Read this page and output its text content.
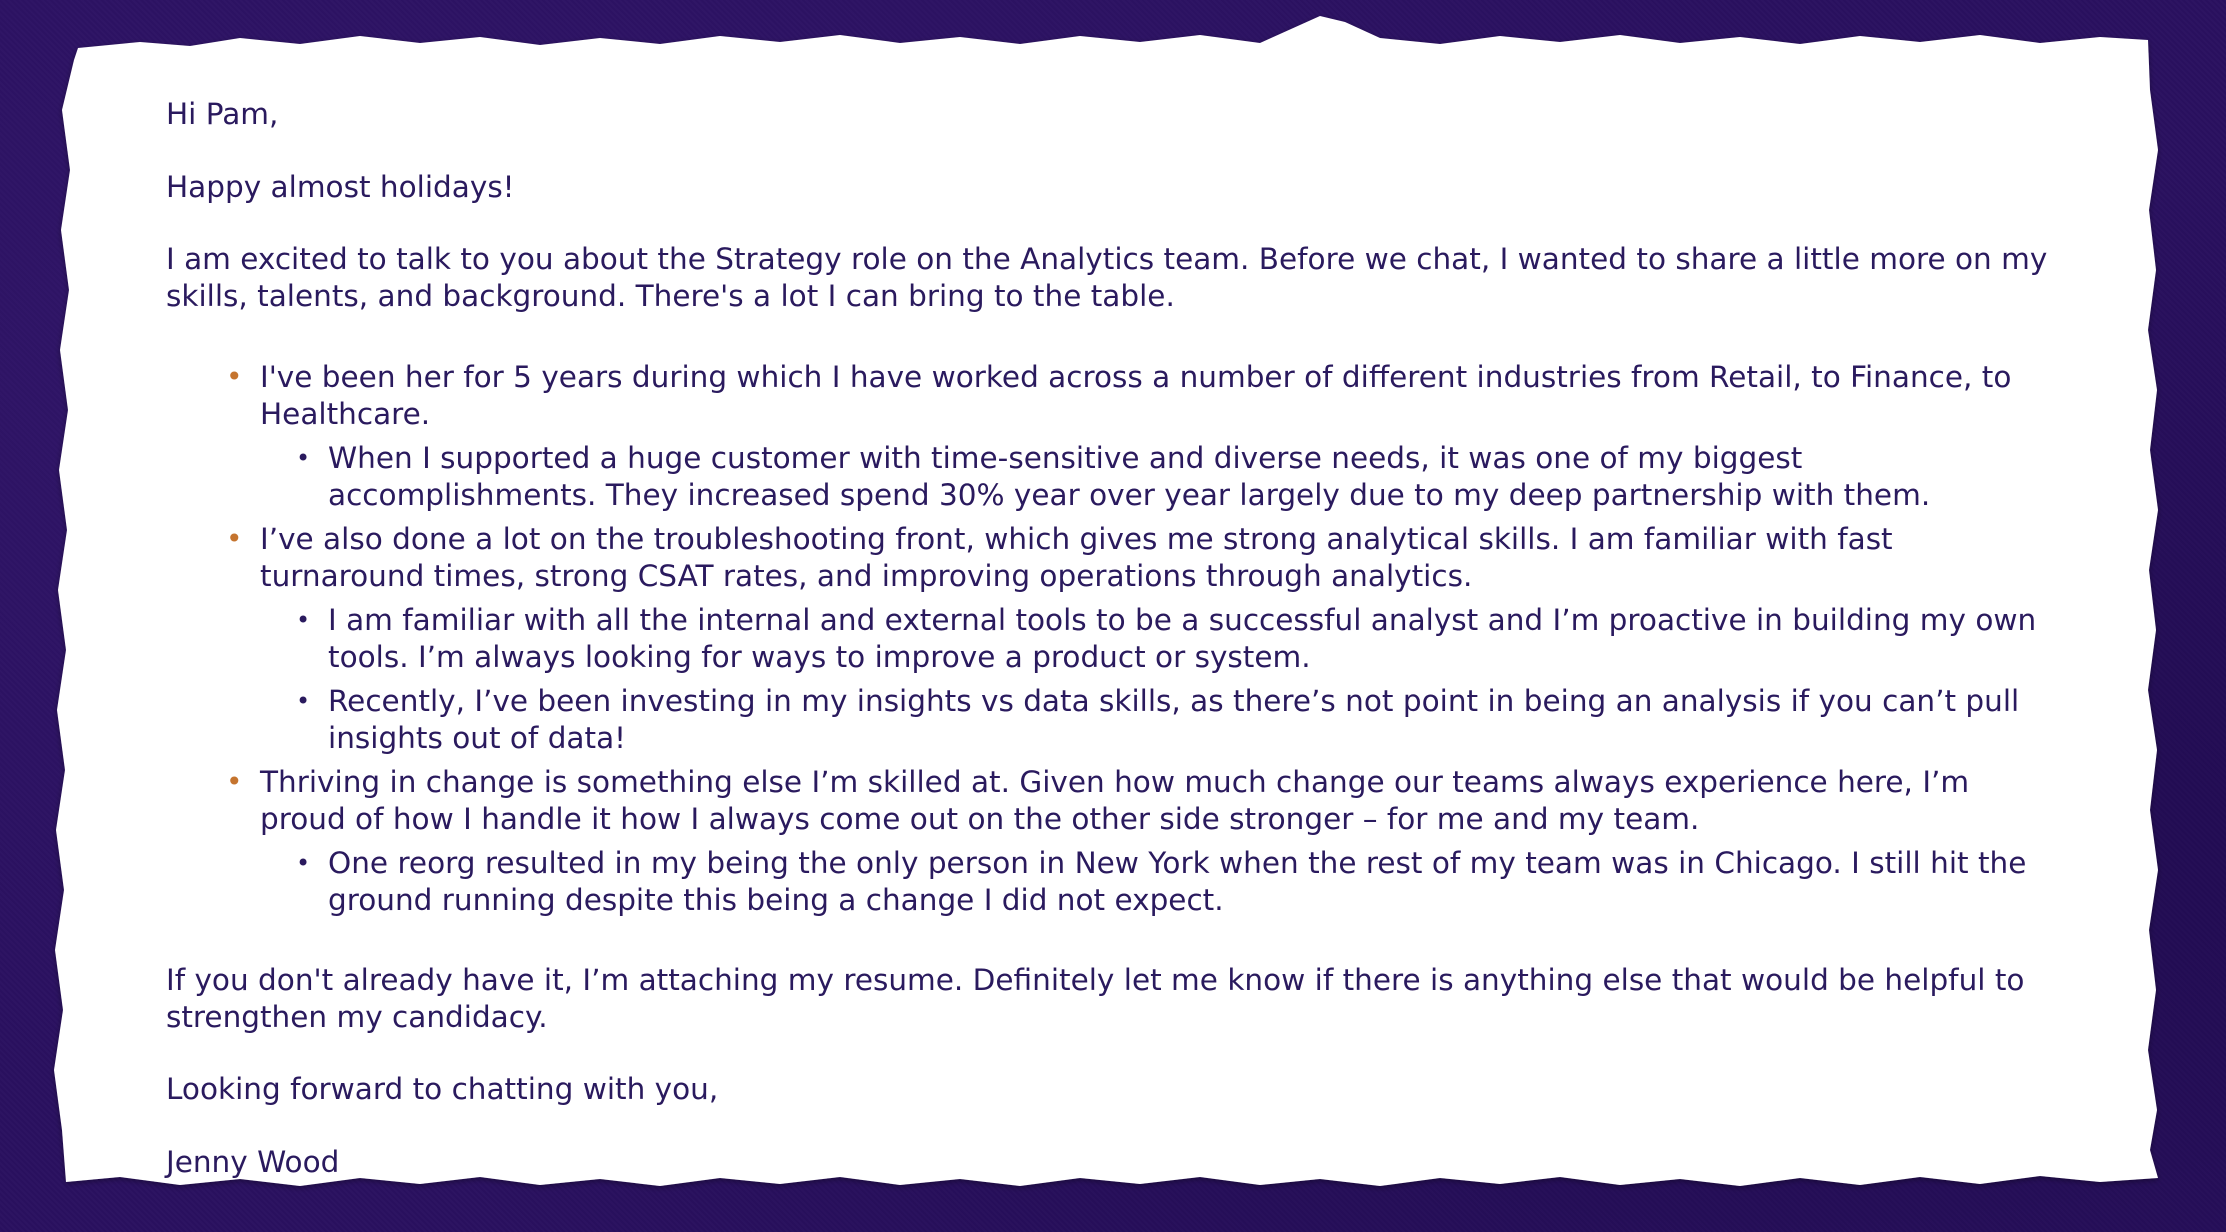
Hi Pam,

Happy almost holidays!

I am excited to talk to you about the Strategy role on the Analytics team. Before we chat, I wanted to share a little more on my skills, talents, and background. There's a lot I can bring to the table.

• I've been her for 5 years during which I have worked across a number of different industries from Retail, to Finance, to Healthcare.
• When I supported a huge customer with time-sensitive and diverse needs, it was one of my biggest accomplishments. They increased spend 30% year over year largely due to my deep partnership with them.
• I’ve also done a lot on the troubleshooting front, which gives me strong analytical skills. I am familiar with fast turnaround times, strong CSAT rates, and improving operations through analytics.
• I am familiar with all the internal and external tools to be a successful analyst and I’m proactive in building my own tools. I’m always looking for ways to improve a product or system.
• Recently, I’ve been investing in my insights vs data skills, as there’s not point in being an analysis if you can’t pull insights out of data!
• Thriving in change is something else I’m skilled at. Given how much change our teams always experience here, I’m proud of how I handle it how I always come out on the other side stronger – for me and my team.
• One reorg resulted in my being the only person in New York when the rest of my team was in Chicago. I still hit the ground running despite this being a change I did not expect.

If you don't already have it, I’m attaching my resume. Definitely let me know if there is anything else that would be helpful to strengthen my candidacy.

Looking forward to chatting with you,

Jenny Wood
